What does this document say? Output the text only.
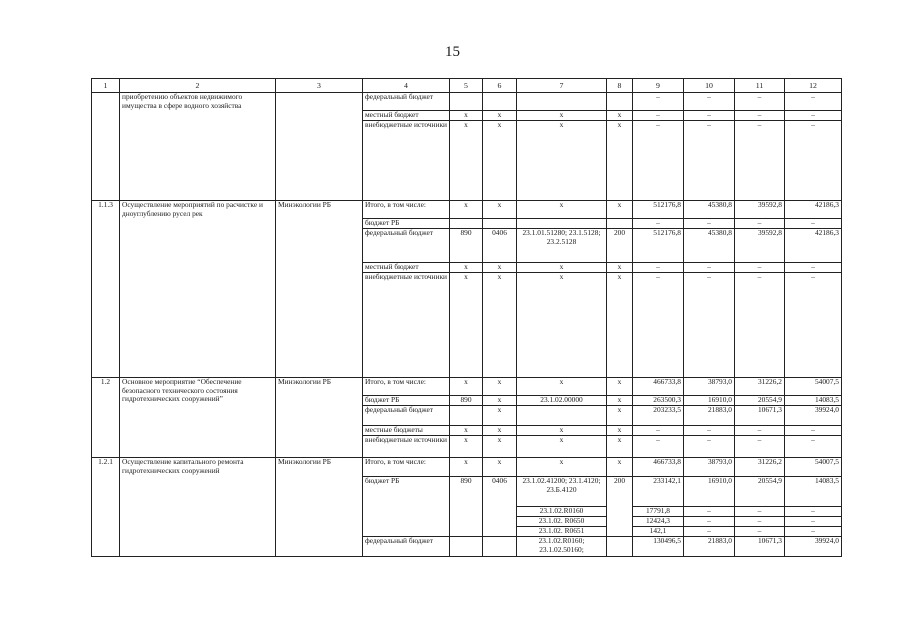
15
1	2	3	4	5	6	7	8	9	10	11	12
	приобретению объектов недвижимого имущества в сфере водного хозяйства		федеральный бюджет					–	–	–	–
			местный бюджет	х	х	х	х	–	–	–	–
			внебюджетные источники	х	х	х	х	–	–	–	–
1.1.3	Осуществление мероприятий по расчистке и дноуглублению русел рек	Минэкологии РБ	Итого, в том числе:	х	х	х	х	512176,8	45380,8	39592,8	42186,3
			бюджет РБ					–	–	–	–
			федеральный бюджет	890	0406	23.1.01.51280; 23.1.5128; 23.2.5128	200	512176,8	45380,8	39592,8	42186,3
			местный бюджет	х	х	х	х	–	–	–	–
			внебюджетные источники	х	х	х	х	–	–	–	–
1.2	Основное мероприятие “Обеспечение безопасного технического состояния гидротехнических сооружений”	Минэкологии РБ	Итого, в том числе:	х	х	х	х	466733,8	38793,0	31226,2	54007,5
			бюджет РБ	890	х	23.1.02.00000	х	263500,3	16910,0	20554,9	14083,5
			федеральный бюджет		х		х	203233,5	21883,0	10671,3	39924,0
			местные бюджеты	х	х	х	х	–	–	–	–
			внебюджетные источники	х	х	х	х	–	–	–	–
1.2.1	Осуществление капитального ремонта гидротехнических сооружений	Минэкологии РБ	Итого, в том числе:	х	х	х	х	466733,8	38793,0	31226,2	54007,5
			бюджет РБ	890	0406	23.1.02.41200; 23.1.4120; 23.Б.4120	200	233142,1	16910,0	20554,9	14083,5
						23.1.02.R0160		17791,8	–	–	–
						23.1.02. R0650		12424,3	–	–	–
						23.1.02. R0651		142,1	–	–	–
			федеральный бюджет			23.1.02.R0160; 23.1.02.50160;		130496,5	21883,0	10671,3	39924,0
